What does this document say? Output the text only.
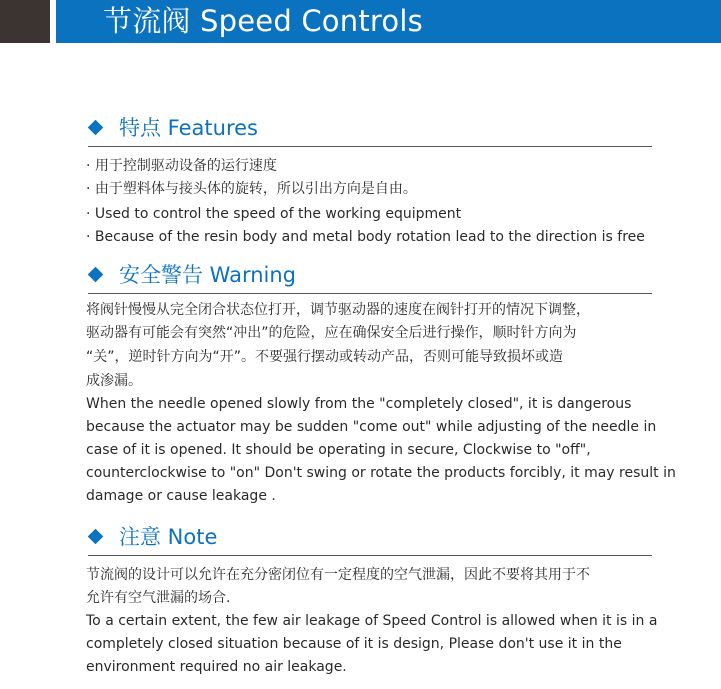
节流阀 Speed Controls
特点 Features

· 用于控制驱动设备的运行速度

· 由于塑料体与接头体的旋转，所以引出方向是自由。

· Used to control the speed of the working equipment

· Because of the resin body and metal body rotation lead to the direction is free

安全警告 Warning

将阀针慢慢从完全闭合状态位打开，调节驱动器的速度在阀针打开的情况下调整，

驱动器有可能会有突然“冲出”的危险，应在确保安全后进行操作，顺时针方向为

“关”，逆时针方向为“开”。不要强行摆动或转动产品，否则可能导致损坏或造

成渗漏。

When the needle opened slowly from the "completely closed", it is dangerous

because the actuator may be sudden "come out" while adjusting of the needle in

case of it is opened. It should be operating in secure, Clockwise to "off",

counterclockwise to "on" Don't swing or rotate the products forcibly, it may result in

damage or cause leakage .

注意 Note

节流阀的设计可以允许在充分密闭位有一定程度的空气泄漏，因此不要将其用于不

允许有空气泄漏的场合.

To a certain extent, the few air leakage of Speed Control is allowed when it is in a

completely closed situation because of it is design, Please don't use it in the

environment required no air leakage.
